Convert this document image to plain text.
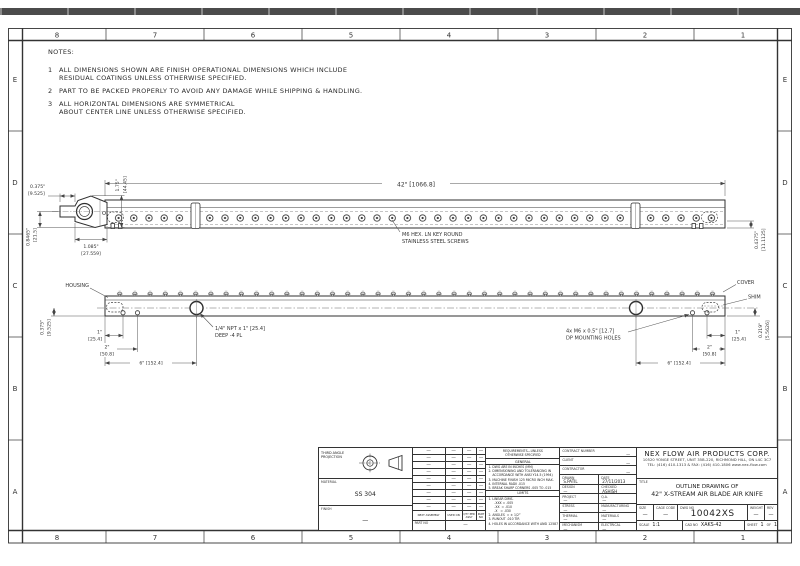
8	7	6	5	4	3	2	1
8	7	6	5	4	3	2	1
E
D
C
B
A
E
D
C
B
A
42" [1066.8]
0.4375" [11.1125]
M6 HEX. LN KEY ROUND
STAINLESS STEEL SCREWS
0.375"
[9.525]
1.75" [44.45]
0.8465" [21.5]
1.085"
[27.559]
HOUSING	COVER
SHIM
1/4" NPT x 1" [25.4]
DEEP -4 PL
4x M6 x 0.5" [12.7]
DP MOUNTING HOLES
0.375" [9.525]	1"
[25.4]
2"
[50.8]
6" [152.4]
1"
[25.4]
2"
[50.8]
6" [152.4]
0.219" [5.5626]
NOTES:
1	ALL DIMENSIONS SHOWN ARE FINISH OPERATIONAL DIMENSIONS WHICH INCLUDE
RESIDUAL COATINGS UNLESS OTHERWISE SPECIFIED.
2	PART TO BE PACKED PROPERLY TO AVOID ANY DAMAGE WHILE SHIPPING & HANDLING.
3	ALL HORIZONTAL DIMENSIONS ARE SYMMETRICAL
ABOUT CENTER LINE UNLESS OTHERWISE SPECIFIED.
THIRD ANGLE
PROJECTION
MATERIAL
SS 304
FINISH
—
—	—	—	—
—	—	—	—
—	—	—	—
—	—	—	—
—	—	—	—
—	—	—	—
—	—	—	—
—	—	—	—
—	—	—	—
NEXT ASSEMBLY	USED ON	QTY PER ASSY
PART NO
PART NO	—
REQUIREMENTS—UNLESS
OTHERWISE SPECIFIED
GENERAL
1. DWG ARE IN INCHES (MM)
2. DIMENSIONING AND TOLERANCING IN
ACCORDANCE WITH ANSI Y14.5 (1994)
3. MACHINE FINISH 125 MICRO INCH MAX.
4. INTERNAL RADII .015
5. BREAK SHARP CORNERS .005 TO .015
LIMITS
1. LINEAR DIMS.
.XXX = .005
.XX  = .010
.X   = .030
2. ANGLES  = ± 1/2°
3. RUNOUT .010 TIR
4. HOLES IN ACCORDANCE WITH ANSI 12587
CONTRACT NUMBER
—
CLIENT
—
CONTRACTOR
—
DRAWN
S.PATIL
DATE
27/11/2013
DESIGN
—
CHECKED
ASHISH
PROJECT
—
Q.A.
—
STRESS
—
MANUFACTURING
—
THERMAL
—
MATERIALS
—
MECHANISM
—
ELECTRICAL
—
NEX FLOW AIR PRODUCTS CORP.
10520 YONGE STREET, UNIT 35B-220, RICHMOND HILL, ON L4C 3C7
TEL: (416) 410-1313 & FAX: (416) 410-1806 www.nex-flow.com
TITLE
OUTLINE DRAWING OF
42" X-STREAM AIR BLADE AIR KNIFE
SIZE
—
CAGE CODE
—
DWG NO
10042XS
WEIGHT
—
REV
—
SCALE 1:1	CAD NO XAKS-42	SHEET 1 OF 1
